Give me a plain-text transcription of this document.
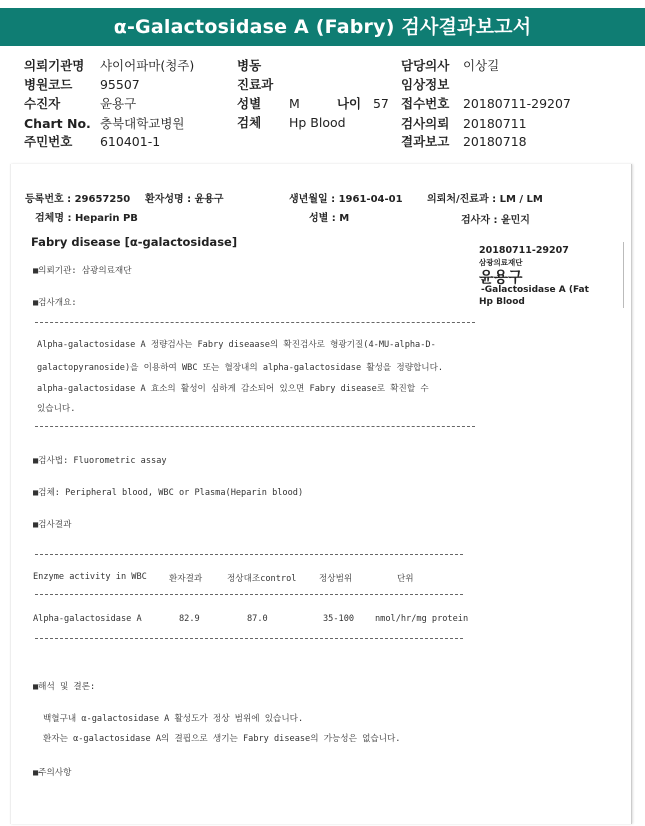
α-Galactosidase A (Fabry) 검사결과보고서
의뢰기관명 샤이어파마(청주)
병원코드 95507
수진자	윤용구
Chart No. 충북대학교병원
주민번호 610401-1
병동
진료과
성별 M	나이 57
검체 Hp Blood
담당의사 이상길
임상정보
접수번호 20180711-29207
검사의뢰 20180711
결과보고 20180718
등록번호 : 29657250 환자성명 : 윤용구	생년월일 : 1961-04-01 의뢰처/진료과 : LM / LM
검체명 : Heparin PB	성별 : M	검사자 : 윤민지
Fabry disease [α-galactosidase]
20180711-29207
삼광의료재단
윤용구
-Galactosidase A (Fat
Hp Blood
■의뢰기관: 삼광의료재단
■검사개요:
Alpha-galactosidase A 정량검사는 Fabry diseaase의 확진검사로 형광기질(4-MU-alpha-D-
galactopyranoside)을 이용하여 WBC 또는 혈장내의 alpha-galactosidase 활성을 정량합니다.
alpha-galactosidase A 효소의 활성이 심하게 감소되어 있으면 Fabry disease로 확진할 수
있습니다.
■검사법: Fluorometric assay
■검체: Peripheral blood, WBC or Plasma(Heparin blood)
■검사결과
Enzyme activity in WBC	환자결과	정상대조control	정상범위	단위
Alpha-galactosidase A	82.9	87.0	35-100 nmol/hr/mg protein
■해석 및 결론:
백혈구내 α-galactosidase A 활성도가 정상 범위에 있습니다.
환자는 α-galactosidase A의 결핍으로 생기는 Fabry disease의 가능성은 없습니다.
■주의사항
